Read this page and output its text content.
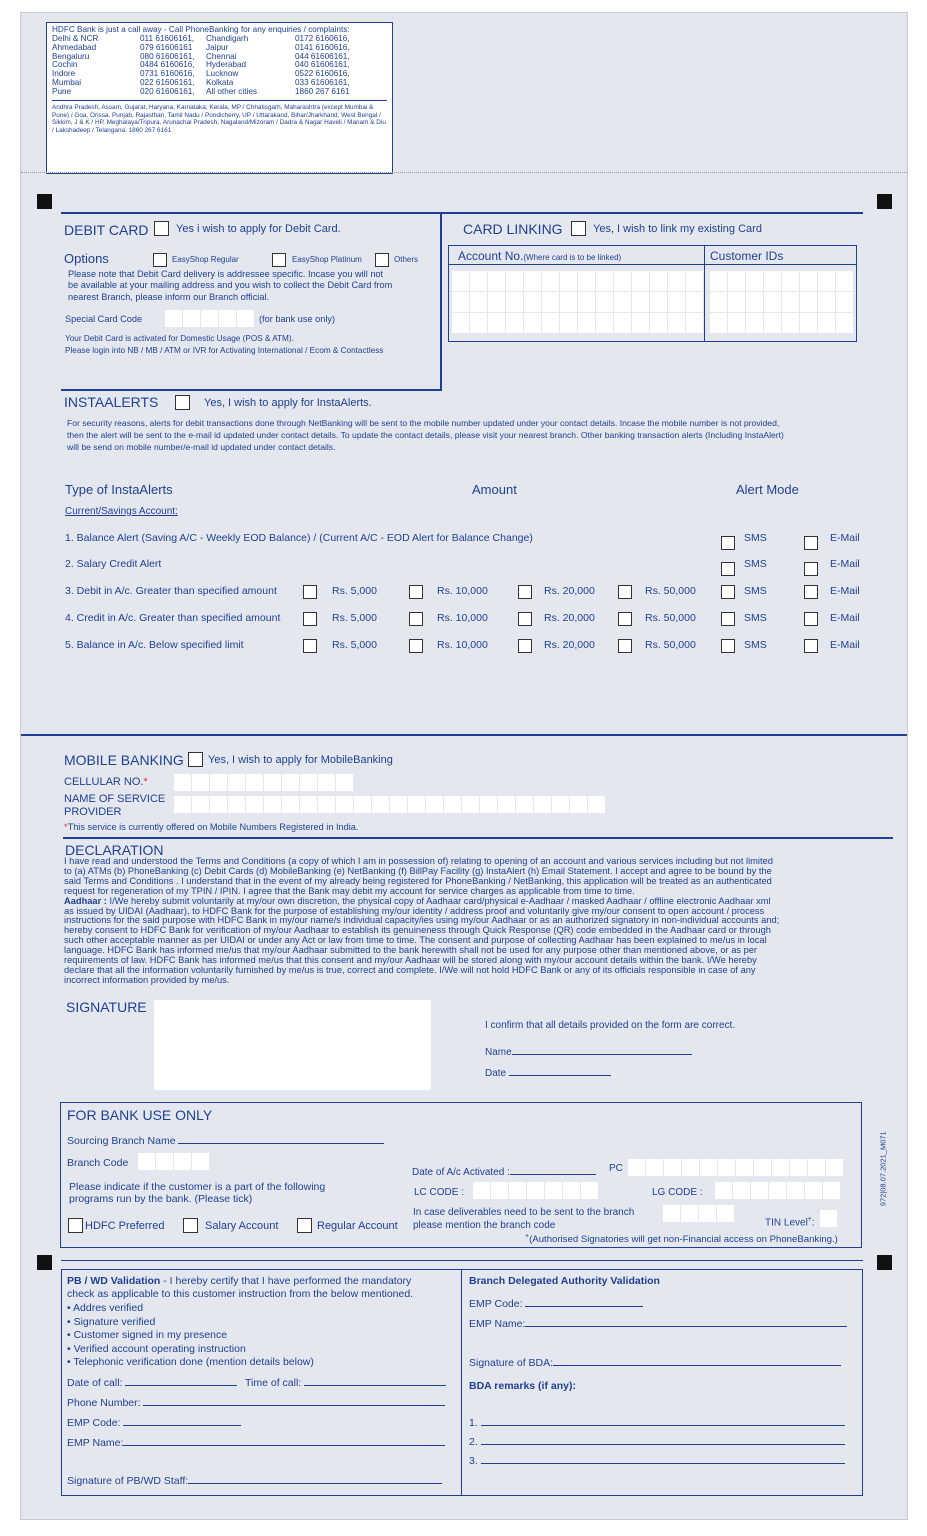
HDFC Bank is just a call away - Call PhoneBanking for any enquiries / complaints:
Delhi & NCR	011 61606161,	Chandigarh	0172 6160616,
Ahmedabad	079 61606161	Jaipur	0141 6160616,
Bengaluru	080 61606161,	Chennai	044 61606161,
Cochin	0484 6160616,	Hyderabad	040 61606161,
Indore	0731 6160616,	Lucknow	0522 6160616,
Mumbai	022 61606161,	Kolkata	033 61606161,
Pune	020 61606161,	All other cities	1860 267 6161
Andhra Pradesh, Assam, Gujarat, Haryana, Karnataka, Kerala, MP / Chhatisgarh, Maharashtra (except Mumbai & Pune) / Goa, Orissa, Punjab, Rajasthan, Tamil Nadu / Pondicherry, UP / Uttarakand, Bihar/Jharkhand, West Bengal / Sikkim, J & K / HP, Meghalaya/Tripura, Arunachal Pradesh, Nagaland/Mizoram / Dadra & Nagar Haveli / Manam & Diu / Lakshadeep / Telangana: 1860 267 6161
DEBIT CARD Yes i wish to apply for Debit Card.
Options	EasyShop Regular	EasyShop Platinum	Others
Please note that Debit Card delivery is addressee specific. Incase you will not
be available at your mailing address and you wish to collect the Debit Card from
nearest Branch, please inform our Branch official.
Special Card Code	(for bank use only)
Your Debit Card is activated for Domestic Usage (POS & ATM).
Please login into NB / MB / ATM or IVR for Activating International / Ecom & Contactless
CARD LINKING	Yes, I wish to link my existing Card
Account No.(Where card is to be linked)	Customer IDs
INSTAALERTS	Yes, I wish to apply for InstaAlerts.
For security reasons, alerts for debit transactions done through NetBanking will be sent to the mobile number updated under your contact details. Incase the mobile number is not provided,
then the alert will be sent to the e-mail id updated under contact details. To update the contact details, please visit your nearest branch. Other banking transaction alerts (Including InstaAlert)
will be send on mobile number/e-mail id updated under contact details.
Type of InstaAlerts	Amount	Alert Mode
Current/Savings Account:
1. Balance Alert (Saving A/C - Weekly EOD Balance) / (Current A/C - EOD Alert for Balance Change)	SMS	E-Mail
2. Salary Credit Alert	SMS	E-Mail
3. Debit in A/c. Greater than specified amount	Rs. 5,000	Rs. 10,000	Rs. 20,000	Rs. 50,000	SMS	E-Mail
4. Credit in A/c. Greater than specified amount	Rs. 5,000	Rs. 10,000	Rs. 20,000	Rs. 50,000	SMS	E-Mail
5. Balance in A/c. Below specified limit	Rs. 5,000	Rs. 10,000	Rs. 20,000	Rs. 50,000	SMS	E-Mail
MOBILE BANKING Yes, I wish to apply for MobileBanking
CELLULAR NO.*
NAME OF SERVICE
PROVIDER
*This service is currently offered on Mobile Numbers Registered in India.
DECLARATION
I have read and understood the Terms and Conditions (a copy of which I am in possession of) relating to opening of an account and various services including but not limited
to (a) ATMs (b) PhoneBanking (c) Debit Cards (d) MobileBanking (e) NetBanking (f) BillPay Facility (g) InstaAlert (h) Email Statement. I accept and agree to be bound by the
said Terms and Conditions . I understand that in the event of my already being registered for PhoneBanking / NetBanking, this application will be treated as an authenticated
request for regeneration of my TPIN / IPIN. I agree that the Bank may debit my account for service charges as applicable from time to time.
Aadhaar : I/We hereby submit voluntarily at my/our own discretion, the physical copy of Aadhaar card/physical e-Aadhaar / masked Aadhaar / offline electronic Aadhaar xml
as issued by UIDAI (Aadhaar), to HDFC Bank for the purpose of establishing my/our identity / address proof and voluntarily give my/our consent to open account / process
instructions for the said purpose with HDFC Bank in my/our name/s individual capacity/ies using my/our Aadhaar or as an authorized signatory in non-individual accounts and;
hereby consent to HDFC Bank for verification of my/our Aadhaar to establish its genuineness through Quick Response (QR) code embedded in the Aadhaar card or through
such other acceptable manner as per UIDAI or under any Act or law from time to time. The consent and purpose of collecting Aadhaar has been explained to me/us in local
language. HDFC Bank has informed me/us that my/our Aadhaar submitted to the bank herewith shall not be used for any purpose other than mentioned above, or as per
requirements of law. HDFC Bank has informed me/us that this consent and my/our Aadhaar will be stored along with my/our account details within the bank. I/We hereby
declare that all the information voluntarily furnished by me/us is true, correct and complete. I/We will not hold HDFC Bank or any of its officials responsible in case of any
incorrect information provided by me/us.
SIGNATURE
I confirm that all details provided on the form are correct.
Name
Date
FOR BANK USE ONLY
Sourcing Branch Name
Branch Code
Please indicate if the customer is a part of the following
programs run by the bank. (Please tick)
HDFC Preferred	Salary Account	Regular Account
Date of A/c Activated :	PC
LC CODE :	LG CODE :
In case deliverables need to be sent to the branch
please mention the branch code	TIN Level+:
+(Authorised Signatories will get non-Financial access on PhoneBanking.)
972|08.07.2021_M071
PB / WD Validation - I hereby certify that I have performed the mandatory
check as applicable to this customer instruction from the below mentioned.
• Addres verified
• Signature verified
• Customer signed in my presence
• Verified account operating instruction
• Telephonic verification done (mention details below)
Date of call:	Time of call:
Phone Number:
EMP Code:
EMP Name:
Signature of PB/WD Staff:
Branch Delegated Authority Validation
EMP Code:
EMP Name:
Signature of BDA:
BDA remarks (if any):
1.
2.
3.
